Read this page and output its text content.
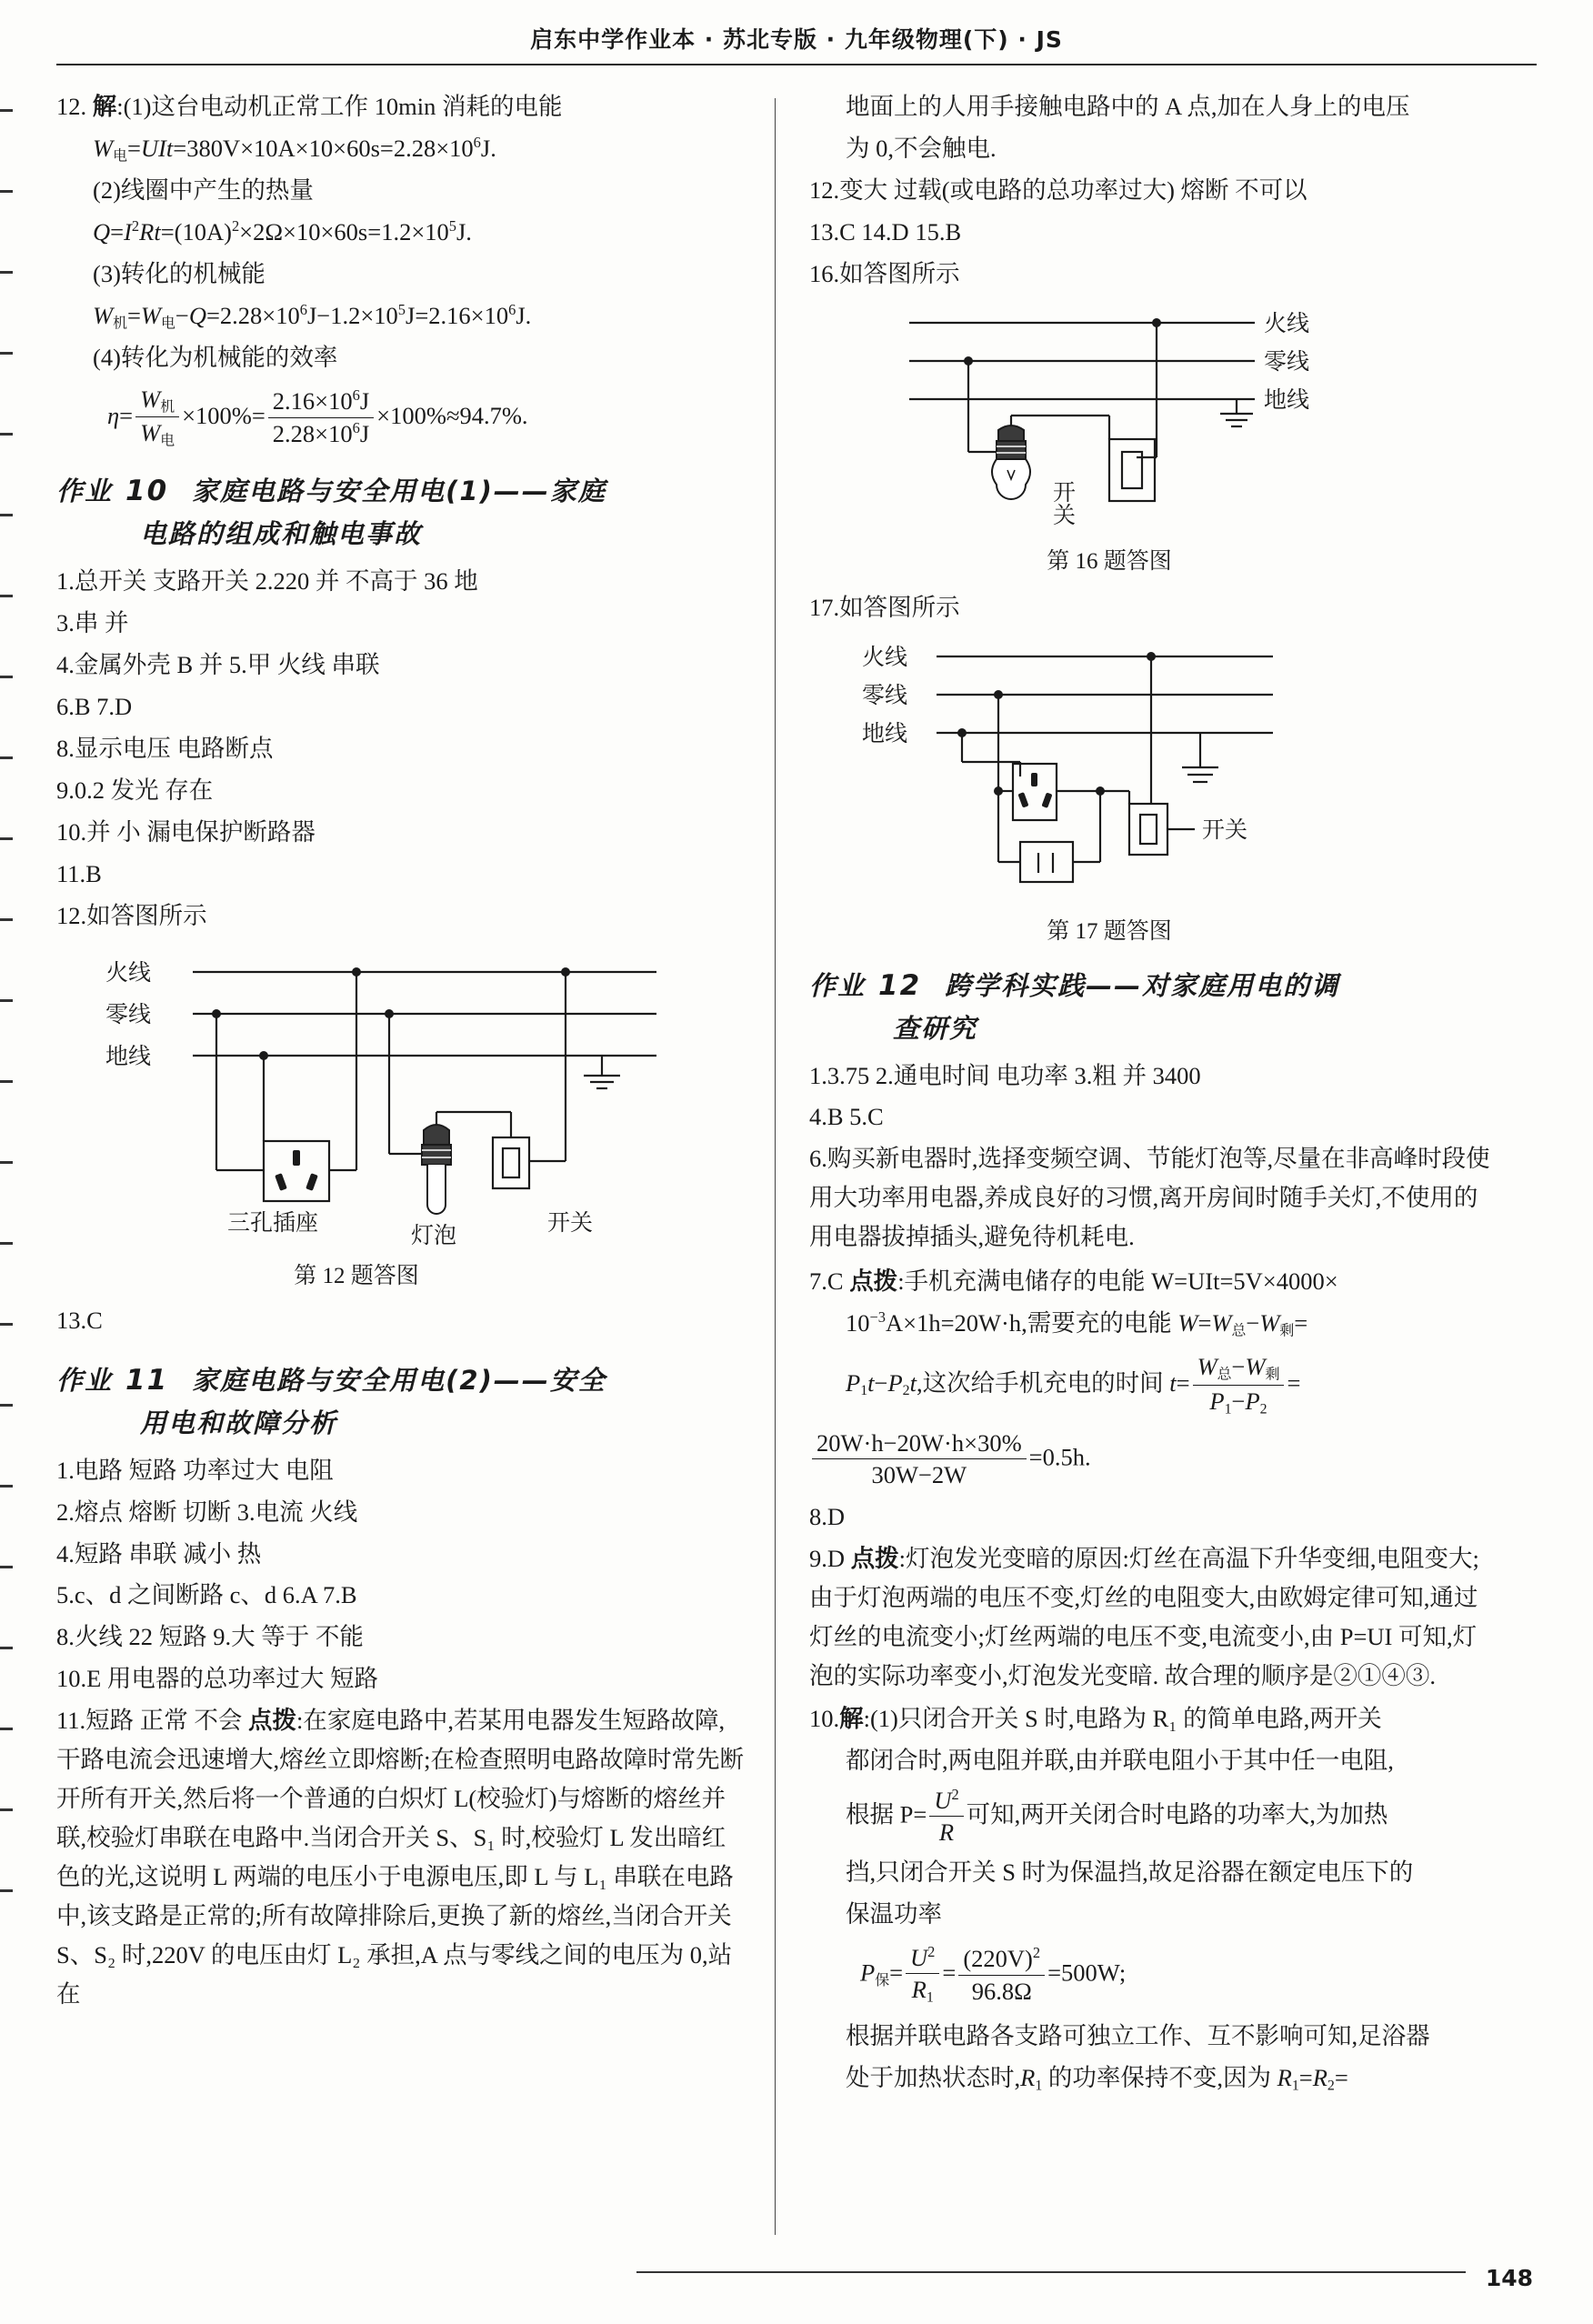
启东中学作业本 · 苏北专版 · 九年级物理(下) · JS
12. 解:(1)这台电动机正常工作 10min 消耗的电能
$W_电=UIt=380V\times 10A\times 10\times 60s=2.28\times 10^6J$.
(2)线圈中产生的热量
$Q=I^2Rt=(10A)^2\times 2\Omega\times 10\times 60s=1.2\times 10^5J$.
(3)转化的机械能
$W_机=W_电-Q=2.28\times 10^6J-1.2\times 10^5J=2.16\times 10^6J$.
(4)转化为机械能的效率
$\eta= \frac{W_机}{W_电} \times 100\%= \frac{2.16\times 10^6J}{2.28\times 10^6J} \times 100\%\approx 94.7\%$.
作业 10 家庭电路与安全用电(1)——家庭
电路的组成和触电事故
1.总开关 支路开关 2.220 并 不高于 36 地
3.串 并
4.金属外壳 B 并 5.甲 火线 串联
6.B 7.D
8.显示电压 电路断点
9.0.2 发光 存在
10.并 小 漏电保护断路器
11.B
12.如答图所示
火线
零线
地线
三孔插座
灯泡
开关
第 12 题答图
13.C
作业 11 家庭电路与安全用电(2)——安全
用电和故障分析
1.电路 短路 功率过大 电阻
2.熔点 熔断 切断 3.电流 火线
4.短路 串联 减小 热
5.c、d 之间断路 c、d 6.A 7.B
8.火线 22 短路 9.大 等于 不能
10.E 用电器的总功率过大 短路
11.短路 正常 不会 点拨:在家庭电路中,若某用电器发生短路故障,干路电流会迅速增大,熔丝立即熔断;在检查照明电路故障时常先断开所有开关,然后将一个普通的白炽灯 L(校验灯)与熔断的熔丝并联,校验灯串联在电路中.当闭合开关 S、S₁ 时,校验灯 L 发出暗红色的光,这说明 L 两端的电压小于电源电压,即 L 与 L₁ 串联在电路中,该支路是正常的;所有故障排除后,更换了新的熔丝,当闭合开关 S、S₂ 时,220V 的电压由灯 L₂ 承担,A 点与零线之间的电压为 0,站在
地面上的人用手接触电路中的 A 点,加在人身上的电压
为 0,不会触电.
12.变大 过载(或电路的总功率过大) 熔断 不可以
13.C 14.D 15.B
16.如答图所示
火线
零线
地线
开关
第 16 题答图
17.如答图所示
火线
零线
地线
开关
第 17 题答图
作业 12 跨学科实践——对家庭用电的调
查研究
1.3.75 2.通电时间 电功率 3.粗 并 3400
4.B 5.C
6.购买新电器时,选择变频空调、节能灯泡等,尽量在非高峰时段使用大功率用电器,养成良好的习惯,离开房间时随手关灯,不使用的用电器拔掉插头,避免待机耗电.
7.C 点拨:手机充满电储存的电能 W=UIt=5V×4000×
$10^{-3}A\times 1h=20W\cdot h$,需要充的电能 $W=W_总-W_剩=$
$P_1t-P_2t$,这次给手机充电的时间 $t= \frac{W_总-W_剩}{P_1-P_2}$ =
$\frac{20W\cdot h-20W\cdot h\times 30\%}{30W-2W} =0.5h$.
8.D
9.D 点拨:灯泡发光变暗的原因:灯丝在高温下升华变细,电阻变大;由于灯泡两端的电压不变,灯丝的电阻变大,由欧姆定律可知,通过灯丝的电流变小;灯丝两端的电压不变,电流变小,由 P=UI 可知,灯泡的实际功率变小,灯泡发光变暗. 故合理的顺序是②①④③.
10.解:(1)只闭合开关 S 时,电路为 R₁ 的简单电路,两开关
都闭合时,两电阻并联,由并联电阻小于其中任一电阻,
根据 $P= \frac{U^2}{R}$ 可知,两开关闭合时电路的功率大,为加热
挡,只闭合开关 S 时为保温挡,故足浴器在额定电压下的
保温功率
$P_保= \frac{U^2}{R_1} = \frac{(220V)^2}{96.8\Omega} =500W$;
根据并联电路各支路可独立工作、互不影响可知,足浴器
处于加热状态时$,R_1$ 的功率保持不变,因为 $R_1=R_2=$
148
